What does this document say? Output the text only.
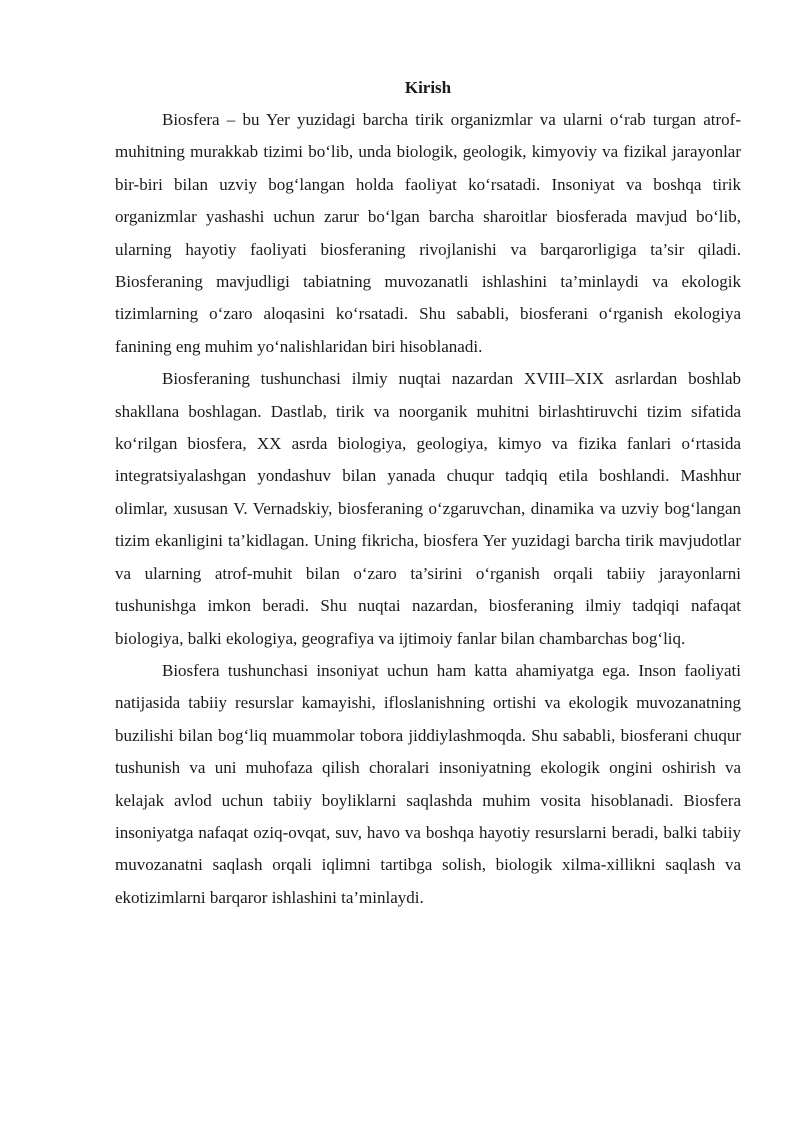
Kirish

Biosfera – bu Yer yuzidagi barcha tirik organizmlar va ularni o‘rab turgan atrof-muhitning murakkab tizimi bo‘lib, unda biologik, geologik, kimyoviy va fizikal jarayonlar bir-biri bilan uzviy bog‘langan holda faoliyat ko‘rsatadi. Insoniyat va boshqa tirik organizmlar yashashi uchun zarur bo‘lgan barcha sharoitlar biosferada mavjud bo‘lib, ularning hayotiy faoliyati biosferaning rivojlanishi va barqarorligiga ta’sir qiladi. Biosferaning mavjudligi tabiatning muvozanatli ishlashini ta’minlaydi va ekologik tizimlarning o‘zaro aloqasini ko‘rsatadi. Shu sababli, biosferani o‘rganish ekologiya fanining eng muhim yo‘nalishlaridan biri hisoblanadi.

Biosferaning tushunchasi ilmiy nuqtai nazardan XVIII–XIX asrlardan boshlab shakllana boshlagan. Dastlab, tirik va noorganik muhitni birlashtiruvchi tizim sifatida ko‘rilgan biosfera, XX asrda biologiya, geologiya, kimyo va fizika fanlari o‘rtasida integratsiyalashgan yondashuv bilan yanada chuqur tadqiq etila boshlandi. Mashhur olimlar, xususan V. Vernadskiy, biosferaning o‘zgaruvchan, dinamika va uzviy bog‘langan tizim ekanligini ta’kidlagan. Uning fikricha, biosfera Yer yuzidagi barcha tirik mavjudotlar va ularning atrof-muhit bilan o‘zaro ta’sirini o‘rganish orqali tabiiy jarayonlarni tushunishga imkon beradi. Shu nuqtai nazardan, biosferaning ilmiy tadqiqi nafaqat biologiya, balki ekologiya, geografiya va ijtimoiy fanlar bilan chambarchas bog‘liq.

Biosfera tushunchasi insoniyat uchun ham katta ahamiyatga ega. Inson faoliyati natijasida tabiiy resurslar kamayishi, ifloslanishning ortishi va ekologik muvozanatning buzilishi bilan bog‘liq muammolar tobora jiddiylashmoqda. Shu sababli, biosferani chuqur tushunish va uni muhofaza qilish choralari insoniyatning ekologik ongini oshirish va kelajak avlod uchun tabiiy boyliklarni saqlashda muhim vosita hisoblanadi. Biosfera insoniyatga nafaqat oziq-ovqat, suv, havo va boshqa hayotiy resurslarni beradi, balki tabiiy muvozanatni saqlash orqali iqlimni tartibga solish, biologik xilma-xillikni saqlash va ekotizimlarni barqaror ishlashini ta’minlaydi.
